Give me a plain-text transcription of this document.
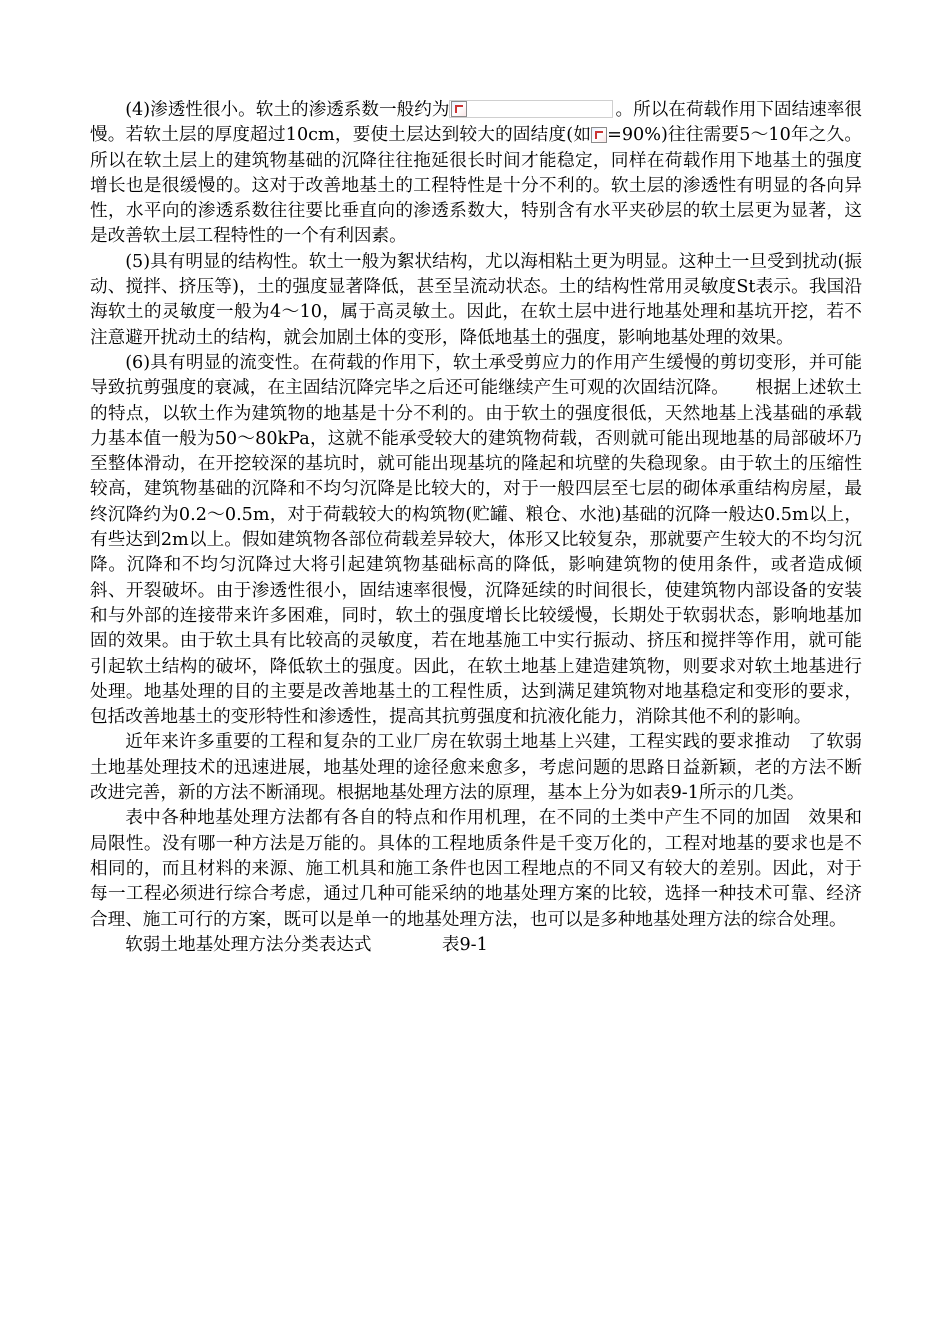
(4)渗透性很小。软土的渗透系数一般约为	。所以在荷载作用下固结速率很慢。若软土层的厚度超过10cm，要使土层达到较大的固结度(如 =90%)往往需要5～10年之久。所以在软土层上的建筑物基础的沉降往往拖延很长时间才能稳定，同样在荷载作用下地基土的强度增长也是很缓慢的。这对于改善地基土的工程特性是十分不利的。软土层的渗透性有明显的各向异性，水平向的渗透系数往往要比垂直向的渗透系数大，特别含有水平夹砂层的软土层更为显著，这是改善软土层工程特性的一个有利因素。

(5)具有明显的结构性。软土一般为絮状结构，尤以海相粘土更为明显。这种土一旦受到扰动(振动、搅拌、挤压等)，土的强度显著降低，甚至呈流动状态。土的结构性常用灵敏度St表示。我国沿海软土的灵敏度一般为4～10，属于高灵敏土。因此，在软土层中进行地基处理和基坑开挖，若不注意避开扰动土的结构，就会加剧土体的变形，降低地基土的强度，影响地基处理的效果。

(6)具有明显的流变性。在荷载的作用下，软土承受剪应力的作用产生缓慢的剪切变形，并可能导致抗剪强度的衰减，在主固结沉降完毕之后还可能继续产生可观的次固结沉降。　　根据上述软土的特点，以软土作为建筑物的地基是十分不利的。由于软土的强度很低，天然地基上浅基础的承载力基本值一般为50～80kPa，这就不能承受较大的建筑物荷载，否则就可能出现地基的局部破坏乃至整体滑动，在开挖较深的基坑时，就可能出现基坑的隆起和坑壁的失稳现象。由于软土的压缩性较高，建筑物基础的沉降和不均匀沉降是比较大的，对于一般四层至七层的砌体承重结构房屋，最终沉降约为0.2～0.5m，对于荷载较大的构筑物(贮罐、粮仓、水池)基础的沉降一般达0.5m以上，有些达到2m以上。假如建筑物各部位荷载差异较大，体形又比较复杂，那就要产生较大的不均匀沉降。沉降和不均匀沉降过大将引起建筑物基础标高的降低，影响建筑物的使用条件，或者造成倾斜、开裂破坏。由于渗透性很小，固结速率很慢，沉降延续的时间很长，使建筑物内部设备的安装和与外部的连接带来许多困难，同时，软土的强度增长比较缓慢，长期处于软弱状态，影响地基加固的效果。由于软土具有比较高的灵敏度，若在地基施工中实行振动、挤压和搅拌等作用，就可能引起软土结构的破坏，降低软土的强度。因此，在软土地基上建造建筑物，则要求对软土地基进行处理。地基处理的目的主要是改善地基土的工程性质，达到满足建筑物对地基稳定和变形的要求，包括改善地基土的变形特性和渗透性，提高其抗剪强度和抗液化能力，消除其他不利的影响。

近年来许多重要的工程和复杂的工业厂房在软弱土地基上兴建，工程实践的要求推动　了软弱土地基处理技术的迅速进展，地基处理的途径愈来愈多，考虑问题的思路日益新颖，老的方法不断改进完善，新的方法不断涌现。根据地基处理方法的原理，基本上分为如表9-1所示的几类。

表中各种地基处理方法都有各自的特点和作用机理，在不同的土类中产生不同的加固　效果和局限性。没有哪一种方法是万能的。具体的工程地质条件是千变万化的，工程对地基的要求也是不相同的，而且材料的来源、施工机具和施工条件也因工程地点的不同又有较大的差别。因此，对于每一工程必须进行综合考虑，通过几种可能采纳的地基处理方案的比较，选择一种技术可靠、经济合理、施工可行的方案，既可以是单一的地基处理方法，也可以是多种地基处理方法的综合处理。

软弱土地基处理方法分类表达式　　　　表9-1
